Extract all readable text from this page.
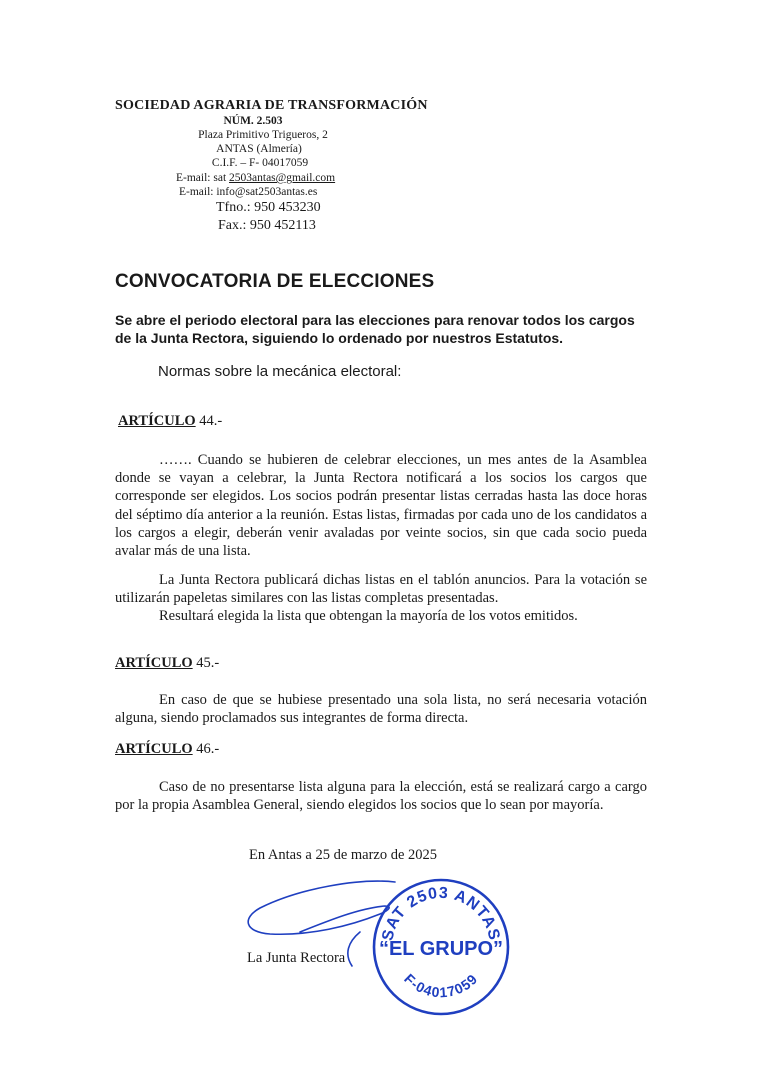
SOCIEDAD AGRARIA DE TRANSFORMACIÓN
NÚM. 2.503
Plaza Primitivo Trigueros, 2
ANTAS (Almería)
C.I.F. – F- 04017059
E-mail: sat 2503antas@gmail.com
E-mail: info@sat2503antas.es
Tfno.: 950 453230
Fax.: 950 452113
CONVOCATORIA DE ELECCIONES
Se abre el periodo electoral para las elecciones para renovar todos los cargos de la Junta Rectora, siguiendo lo ordenado por nuestros Estatutos.
Normas sobre la mecánica electoral:
ARTÍCULO 44.-
……. Cuando se hubieren de celebrar elecciones, un mes antes de la Asamblea donde se vayan a celebrar, la Junta Rectora notificará a los socios los cargos que corresponde ser elegidos. Los socios podrán presentar listas cerradas hasta las doce horas del séptimo día anterior a la reunión. Estas listas, firmadas por cada uno de los candidatos a los cargos a elegir, deberán venir avaladas por veinte socios, sin que cada socio pueda avalar más de una lista.
La Junta Rectora publicará dichas listas en el tablón anuncios. Para la votación se utilizarán papeletas similares con las listas completas presentadas.
Resultará elegida la lista que obtengan la mayoría de los votos emitidos.
ARTÍCULO 45.-
En caso de que se hubiese presentado una sola lista, no será necesaria votación alguna, siendo proclamados sus integrantes de forma directa.
ARTÍCULO 46.-
Caso de no presentarse lista alguna para la elección, está se realizará cargo a cargo por la propia Asamblea General, siendo elegidos los socios que lo sean por mayoría.
En Antas a 25 de marzo de 2025
La Junta Rectora
SAT 2503 ANTAS
“EL GRUPO”
F-04017059
